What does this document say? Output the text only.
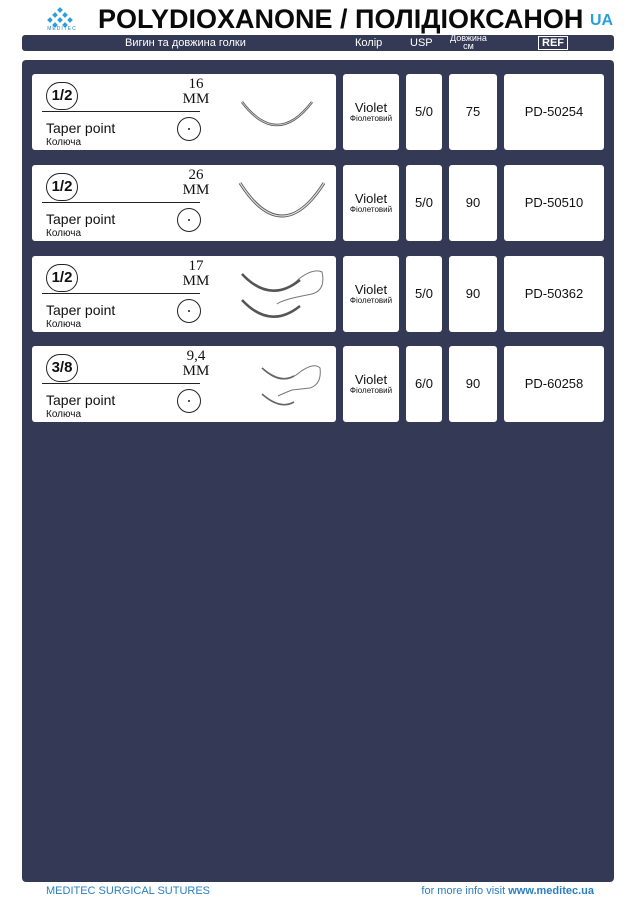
MEDITEC POLYDIOXANONE / ПОЛІДІОКСАНОН UA
Вигин та довжина голки	Колір	USP Довжина
см	REF
1/2
16
MM
Taper point
Колюча
Violet
Фіолетовий	5/0	75	PD-50254
1/2
26
MM
Taper point
Колюча
Violet
Фіолетовий	5/0	90	PD-50510
1/2
17
MM
Taper point
Колюча
Violet
Фіолетовий	5/0	90	PD-50362
3/8
9,4
MM
Taper point
Колюча
Violet
Фіолетовий	6/0	90	PD-60258
MEDITEC SURGICAL SUTURES	for more info visit www.meditec.ua
